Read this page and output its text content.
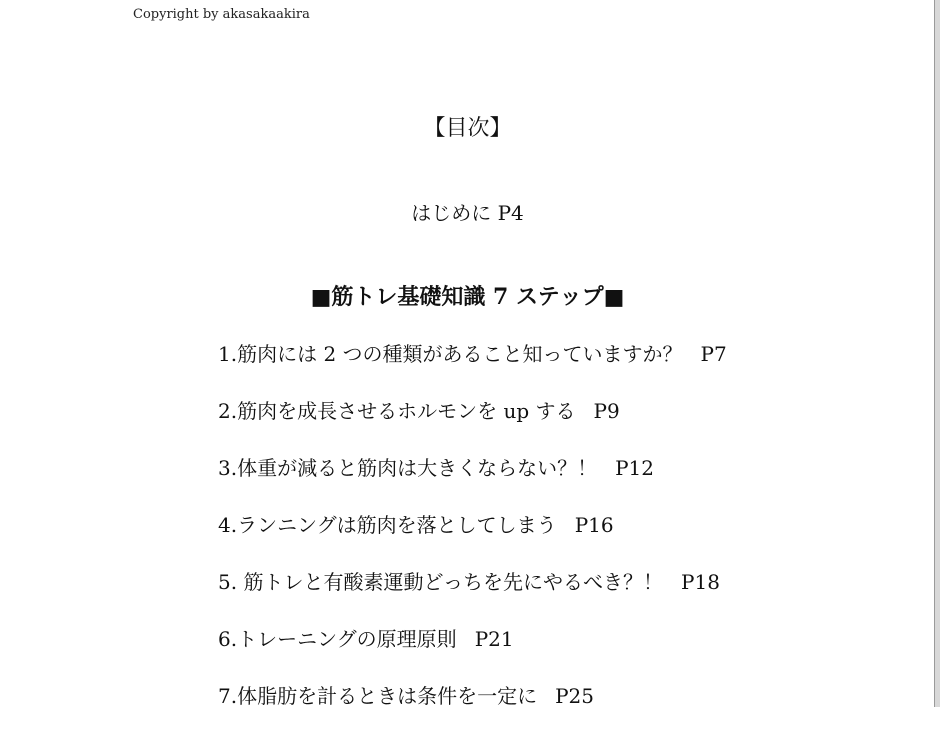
Copyright by akasakaakira
【目次】
はじめに P4
■筋トレ基礎知識 7 ステップ■
1.筋肉には 2 つの種類があること知っていますか？ P7
2.筋肉を成長させるホルモンを up する P9
3.体重が減ると筋肉は大きくならない？！ P12
4.ランニングは筋肉を落としてしまう P16
5. 筋トレと有酸素運動どっちを先にやるべき？！ P18
6.トレーニングの原理原則 P21
7.体脂肪を計るときは条件を一定に P25
